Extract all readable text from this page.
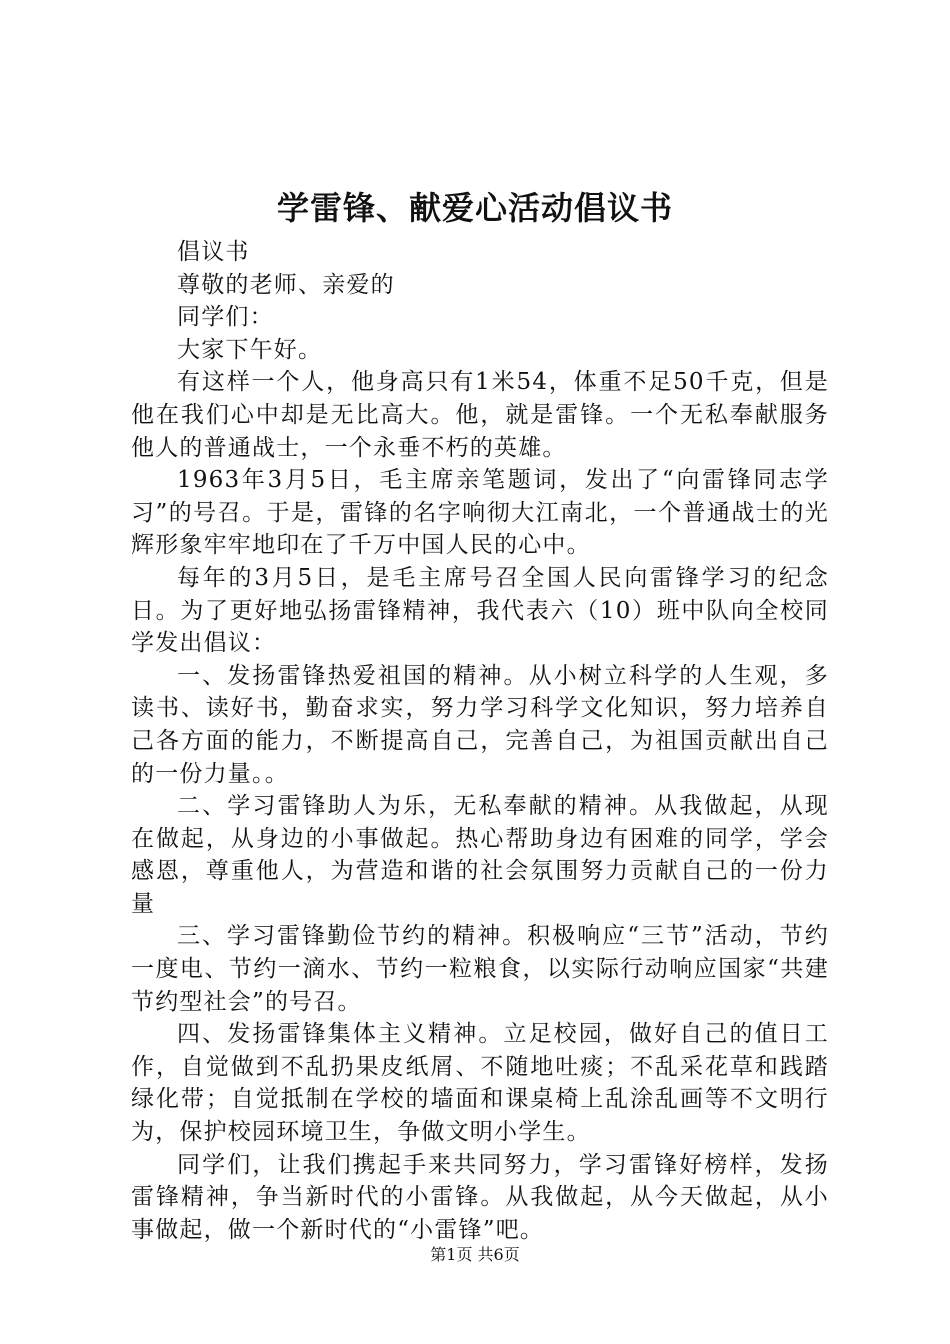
学雷锋、献爱心活动倡议书

倡议书

尊敬的老师、亲爱的

同学们：

大家下午好。

有这样一个人，他身高只有1米54，体重不足50千克，但是他在我们心中却是无比高大。他，就是雷锋。一个无私奉献服务他人的普通战士，一个永垂不朽的英雄。

1963年3月5日，毛主席亲笔题词，发出了“向雷锋同志学习”的号召。于是，雷锋的名字响彻大江南北，一个普通战士的光辉形象牢牢地印在了千万中国人民的心中。

每年的3月5日，是毛主席号召全国人民向雷锋学习的纪念日。为了更好地弘扬雷锋精神，我代表六（10）班中队向全校同学发出倡议：

一、发扬雷锋热爱祖国的精神。从小树立科学的人生观，多读书、读好书，勤奋求实，努力学习科学文化知识，努力培养自己各方面的能力，不断提高自己，完善自己，为祖国贡献出自己的一份力量。。

二、学习雷锋助人为乐，无私奉献的精神。从我做起，从现在做起，从身边的小事做起。热心帮助身边有困难的同学，学会感恩，尊重他人，为营造和谐的社会氛围努力贡献自己的一份力量

三、学习雷锋勤俭节约的精神。积极响应“三节”活动，节约一度电、节约一滴水、节约一粒粮食，以实际行动响应国家“共建节约型社会”的号召。

四、发扬雷锋集体主义精神。立足校园，做好自己的值日工作，自觉做到不乱扔果皮纸屑、不随地吐痰；不乱采花草和践踏绿化带；自觉抵制在学校的墙面和课桌椅上乱涂乱画等不文明行为，保护校园环境卫生，争做文明小学生。

同学们，让我们携起手来共同努力，学习雷锋好榜样，发扬雷锋精神，争当新时代的小雷锋。从我做起，从今天做起，从小事做起，做一个新时代的“小雷锋”吧。

第1页 共6页
